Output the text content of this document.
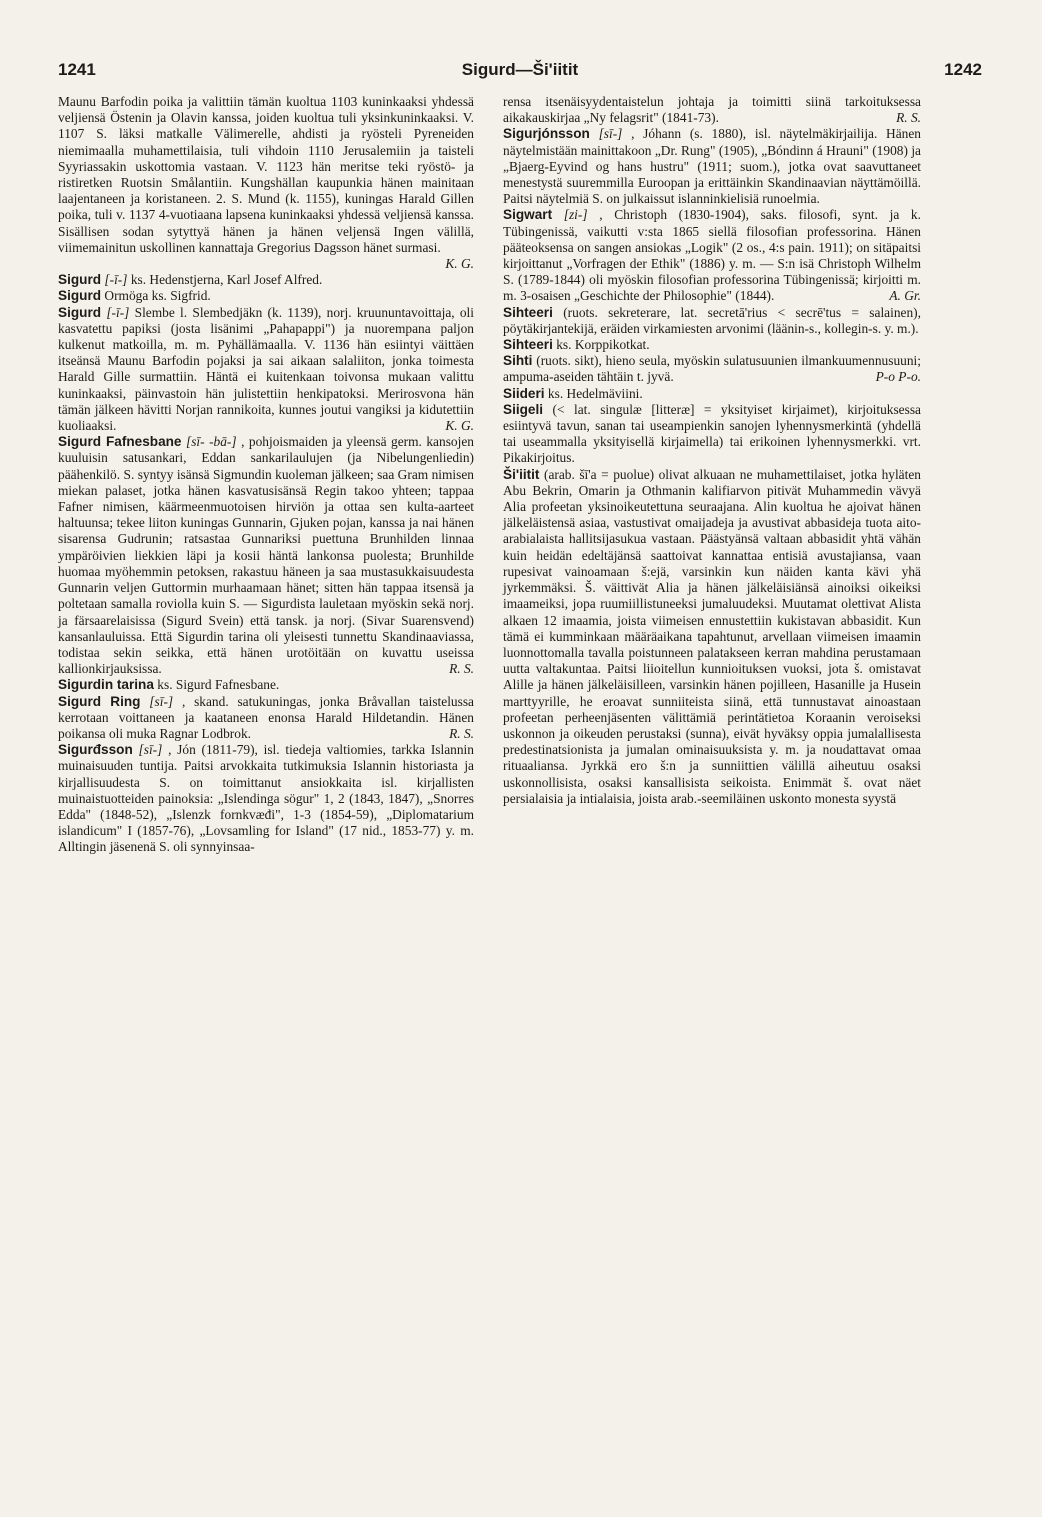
1241	Sigurd—Ši'iitit	1242

Maunu Barfodin poika ja valittiin tämän kuoltua 1103 kuninkaaksi yhdessä veljiensä Östenin ja Olavin kanssa, joiden kuoltua tuli yksinkuninkaaksi. V. 1107 S. läksi matkalle Välimerelle, ahdisti ja ryösteli Pyreneiden niemimaalla muhamettilaisia, tuli vihdoin 1110 Jerusalemiin ja taisteli Syyriassakin uskottomia vastaan. V. 1123 hän meritse teki ryöstö- ja ristiretken Ruotsin Smålantiin. Kungshällan kaupunkia hänen mainitaan laajentaneen ja koristaneen. 2. S. Mund (k. 1155), kuningas Harald Gillen poika, tuli v. 1137 4-vuotiaana lapsena kuninkaaksi yhdessä veljiensä kanssa. Sisällisen sodan sytyttyä hänen ja hänen veljensä Ingen välillä, viimemainitun uskollinen kannattaja Gregorius Dagsson hänet surmasi.
K. G.

Sigurd [-ī-] ks. Hedenstjerna, Karl Josef Alfred.

Sigurd Ormöga ks. Sigfrid.

Sigurd [-ī-] Slembe l. Slembedjäkn (k. 1139), norj. kruununtavoittaja, oli kasvatettu papiksi (josta lisänimi „Pahapappi") ja nuorempana paljon kulkenut matkoilla, m. m. Pyhällämaalla. V. 1136 hän esiintyi väittäen itseänsä Maunu Barfodin pojaksi ja sai aikaan salaliiton, jonka toimesta Harald Gille surmattiin. Häntä ei kuitenkaan toivonsa mukaan valittu kuninkaaksi, päinvastoin hän julistettiin henkipatoksi. Merirosvona hän tämän jälkeen hävitti Norjan rannikoita, kunnes joutui vangiksi ja kidutettiin kuoliaaksi.	K. G.

Sigurd Fafnesbane [sī- -bā-] , pohjoismaiden ja yleensä germ. kansojen kuuluisin satusankari, Eddan sankarilaulujen (ja Nibelungenliedin) päähenkilö. S. syntyy isänsä Sigmundin kuoleman jälkeen; saa Gram nimisen miekan palaset, jotka hänen kasvatusisänsä Regin takoo yhteen; tappaa Fafner nimisen, käärmeenmuotoisen hirviön ja ottaa sen kulta-aarteet haltuunsa; tekee liiton kuningas Gunnarin, Gjuken pojan, kanssa ja nai hänen sisarensa Gudrunin; ratsastaa Gunnariksi puettuna Brunhilden linnaa ympäröivien liekkien läpi ja kosii häntä lankonsa puolesta; Brunhilde huomaa myöhemmin petoksen, rakastuu häneen ja saa mustasukkaisuudesta Gunnarin veljen Guttormin murhaamaan hänet; sitten hän tappaa itsensä ja poltetaan samalla roviolla kuin S. — Sigurdista lauletaan myöskin sekä norj. ja färsaarelaisissa (Sigurd Svein) että tansk. ja norj. (Sivar Suarensvend) kansanlauluissa. Että Sigurdin tarina oli yleisesti tunnettu Skandinaaviassa, todistaa sekin seikka, että hänen urotöitään on kuvattu useissa kallionkirjauksissa.	R. S.

Sigurdin tarina ks. Sigurd Fafnesbane.

Sigurd Ring [sī-] , skand. satukuningas, jonka Bråvallan taistelussa kerrotaan voittaneen ja kaataneen enonsa Harald Hildetandin. Hänen poikansa oli muka Ragnar Lodbrok.	R. S.

Sigurđsson [sī-] , Jón (1811-79), isl. tiedeja valtiomies, tarkka Islannin muinaisuuden tuntija. Paitsi arvokkaita tutkimuksia Islannin historiasta ja kirjallisuudesta S. on toimittanut ansiokkaita isl. kirjallisten muinaistuotteiden painoksia: „Islendinga sögur" 1, 2 (1843, 1847), „Snorres Edda" (1848-52), „Islenzk fornkvæđi", 1-3 (1854-59), „Diplomatarium islandicum" I (1857-76), „Lovsamling for Island" (17 nid., 1853-77) y. m. Alltingin jäsenenä S. oli synnyinsaa-

rensa itsenäisyydentaistelun johtaja ja toimitti siinä tarkoituksessa aikakauskirjaa „Ny felagsrit" (1841-73).	R. S.

Sigurjónsson [sī-] , Jóhann (s. 1880), isl. näytelmäkirjailija. Hänen näytelmistään mainittakoon „Dr. Rung" (1905), „Bóndinn á Hrauni" (1908) ja „Bjaerg-Eyvind og hans hustru" (1911; suom.), jotka ovat saavuttaneet menestystä suuremmilla Euroopan ja erittäinkin Skandinaavian näyttämöillä. Paitsi näytelmiä S. on julkaissut islanninkielisiä runoelmia.

Sigwart [zi-] , Christoph (1830-1904), saks. filosofi, synt. ja k. Tübingenissä, vaikutti v:sta 1865 siellä filosofian professorina. Hänen pääteoksensa on sangen ansiokas „Logik" (2 os., 4:s pain. 1911); on sitäpaitsi kirjoittanut „Vorfragen der Ethik" (1886) y. m. — S:n isä Christoph Wilhelm S. (1789-1844) oli myöskin filosofian professorina Tübingenissä; kirjoitti m. m. 3-osaisen „Geschichte der Philosophie" (1844).	A. Gr.

Sihteeri (ruots. sekreterare, lat. secretā'rius < secrē'tus = salainen), pöytäkirjantekijä, eräiden virkamiesten arvonimi (läänin-s., kollegin-s. y. m.).

Sihteeri ks. Korppikotkat.

Sihti (ruots. sikt), hieno seula, myöskin sulatusuunien ilmankuumennusuuni; ampuma-aseiden tähtäin t. jyvä.	P-o P-o.

Siideri ks. Hedelmäviini.

Siigeli (< lat. singulæ [litteræ] = yksityiset kirjaimet), kirjoituksessa esiintyvä tavun, sanan tai useampienkin sanojen lyhennysmerkintä (yhdellä tai useammalla yksityisellä kirjaimella) tai erikoinen lyhennysmerkki. vrt. Pikakirjoitus.

Ši'iitit (arab. šī'a = puolue) olivat alkuaan ne muhamettilaiset, jotka hyläten Abu Bekrin, Omarin ja Othmanin kalifiarvon pitivät Muhammedin vävyä Alia profeetan yksinoikeutettuna seuraajana. Alin kuoltua he ajoivat hänen jälkeläistensä asiaa, vastustivat omaijadeja ja avustivat abbasideja tuota aito-arabialaista hallitsijasukua vastaan. Päästyänsä valtaan abbasidit yhtä vähän kuin heidän edeltäjänsä saattoivat kannattaa entisiä avustajiansa, vaan rupesivat vainoamaan š:ejä, varsinkin kun näiden kanta kävi yhä jyrkemmäksi. Š. väittivät Alia ja hänen jälkeläisiänsä ainoiksi oikeiksi imaameiksi, jopa ruumiillistuneeksi jumaluudeksi. Muutamat olettivat Alista alkaen 12 imaamia, joista viimeisen ennustettiin kukistavan abbasidit. Kun tämä ei kumminkaan määräaikana tapahtunut, arvellaan viimeisen imaamin luonnottomalla tavalla poistunneen palatakseen kerran mahdina perustamaan uutta valtakuntaa. Paitsi liioitellun kunnioituksen vuoksi, jota š. omistavat Alille ja hänen jälkeläisilleen, varsinkin hänen pojilleen, Hasanille ja Husein marttyyrille, he eroavat sunniiteista siinä, että tunnustavat ainoastaan profeetan perheenjäsenten välittämiä perintätietoa Koraanin veroiseksi uskonnon ja oikeuden perustaksi (sunna), eivät hyväksy oppia jumalallisesta predestinatsionista ja jumalan ominaisuuksista y. m. ja noudattavat omaa rituaaliansa. Jyrkkä ero š:n ja sunniittien välillä aiheutuu osaksi uskonnollisista, osaksi kansallisista seikoista. Enimmät š. ovat näet persialaisia ja intialaisia, joista arab.-seemiläinen uskonto monesta syystä
